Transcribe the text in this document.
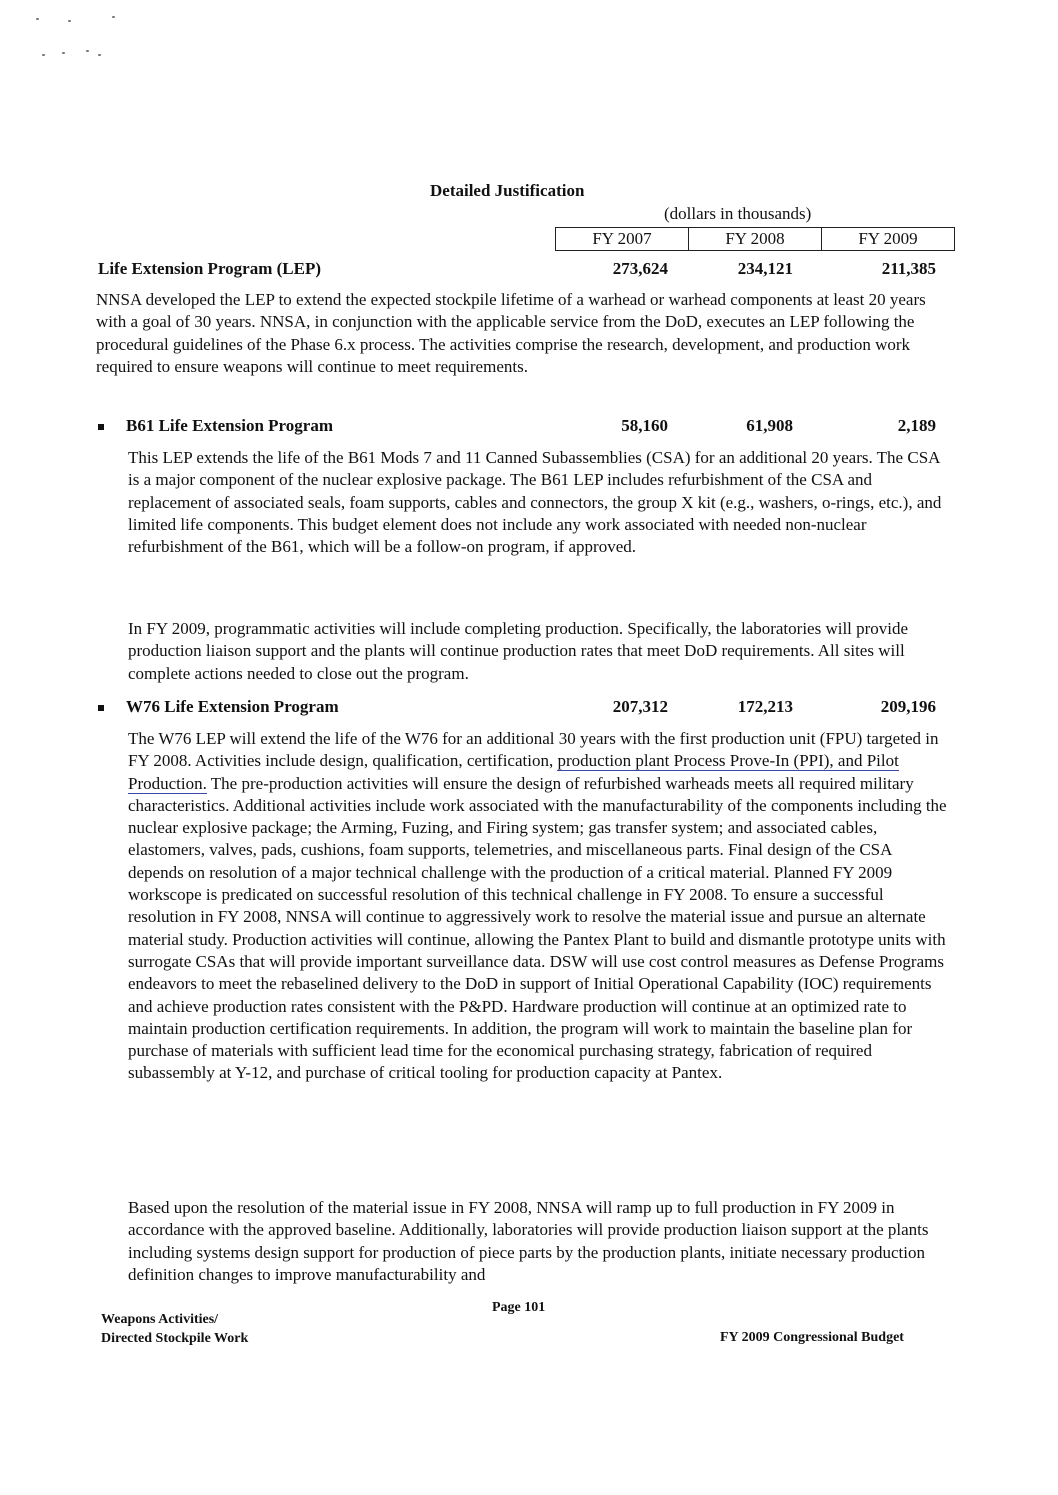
Detailed Justification
(dollars in thousands)
FY 2007	FY 2008	FY 2009
Life Extension Program (LEP)	273,624	234,121	211,385

NNSA developed the LEP to extend the expected stockpile lifetime of a warhead or warhead components at least 20 years with a goal of 30 years. NNSA, in conjunction with the applicable service from the DoD, executes an LEP following the procedural guidelines of the Phase 6.x process. The activities comprise the research, development, and production work required to ensure weapons will continue to meet requirements.

B61 Life Extension Program	58,160	61,908	2,189

This LEP extends the life of the B61 Mods 7 and 11 Canned Subassemblies (CSA) for an additional 20 years. The CSA is a major component of the nuclear explosive package. The B61 LEP includes refurbishment of the CSA and replacement of associated seals, foam supports, cables and connectors, the group X kit (e.g., washers, o-rings, etc.), and limited life components. This budget element does not include any work associated with needed non-nuclear refurbishment of the B61, which will be a follow-on program, if approved.

In FY 2009, programmatic activities will include completing production. Specifically, the laboratories will provide production liaison support and the plants will continue production rates that meet DoD requirements. All sites will complete actions needed to close out the program.

W76 Life Extension Program	207,312	172,213	209,196

The W76 LEP will extend the life of the W76 for an additional 30 years with the first production unit (FPU) targeted in FY 2008. Activities include design, qualification, certification, production plant Process Prove-In (PPI), and Pilot Production. The pre-production activities will ensure the design of refurbished warheads meets all required military characteristics. Additional activities include work associated with the manufacturability of the components including the nuclear explosive package; the Arming, Fuzing, and Firing system; gas transfer system; and associated cables, elastomers, valves, pads, cushions, foam supports, telemetries, and miscellaneous parts. Final design of the CSA depends on resolution of a major technical challenge with the production of a critical material. Planned FY 2009 workscope is predicated on successful resolution of this technical challenge in FY 2008. To ensure a successful resolution in FY 2008, NNSA will continue to aggressively work to resolve the material issue and pursue an alternate material study. Production activities will continue, allowing the Pantex Plant to build and dismantle prototype units with surrogate CSAs that will provide important surveillance data. DSW will use cost control measures as Defense Programs endeavors to meet the rebaselined delivery to the DoD in support of Initial Operational Capability (IOC) requirements and achieve production rates consistent with the P&PD. Hardware production will continue at an optimized rate to maintain production certification requirements. In addition, the program will work to maintain the baseline plan for purchase of materials with sufficient lead time for the economical purchasing strategy, fabrication of required subassembly at Y-12, and purchase of critical tooling for production capacity at Pantex.

Based upon the resolution of the material issue in FY 2008, NNSA will ramp up to full production in FY 2009 in accordance with the approved baseline. Additionally, laboratories will provide production liaison support at the plants including systems design support for production of piece parts by the production plants, initiate necessary production definition changes to improve manufacturability and

Weapons Activities/
Directed Stockpile Work
Page 101
FY 2009 Congressional Budget
